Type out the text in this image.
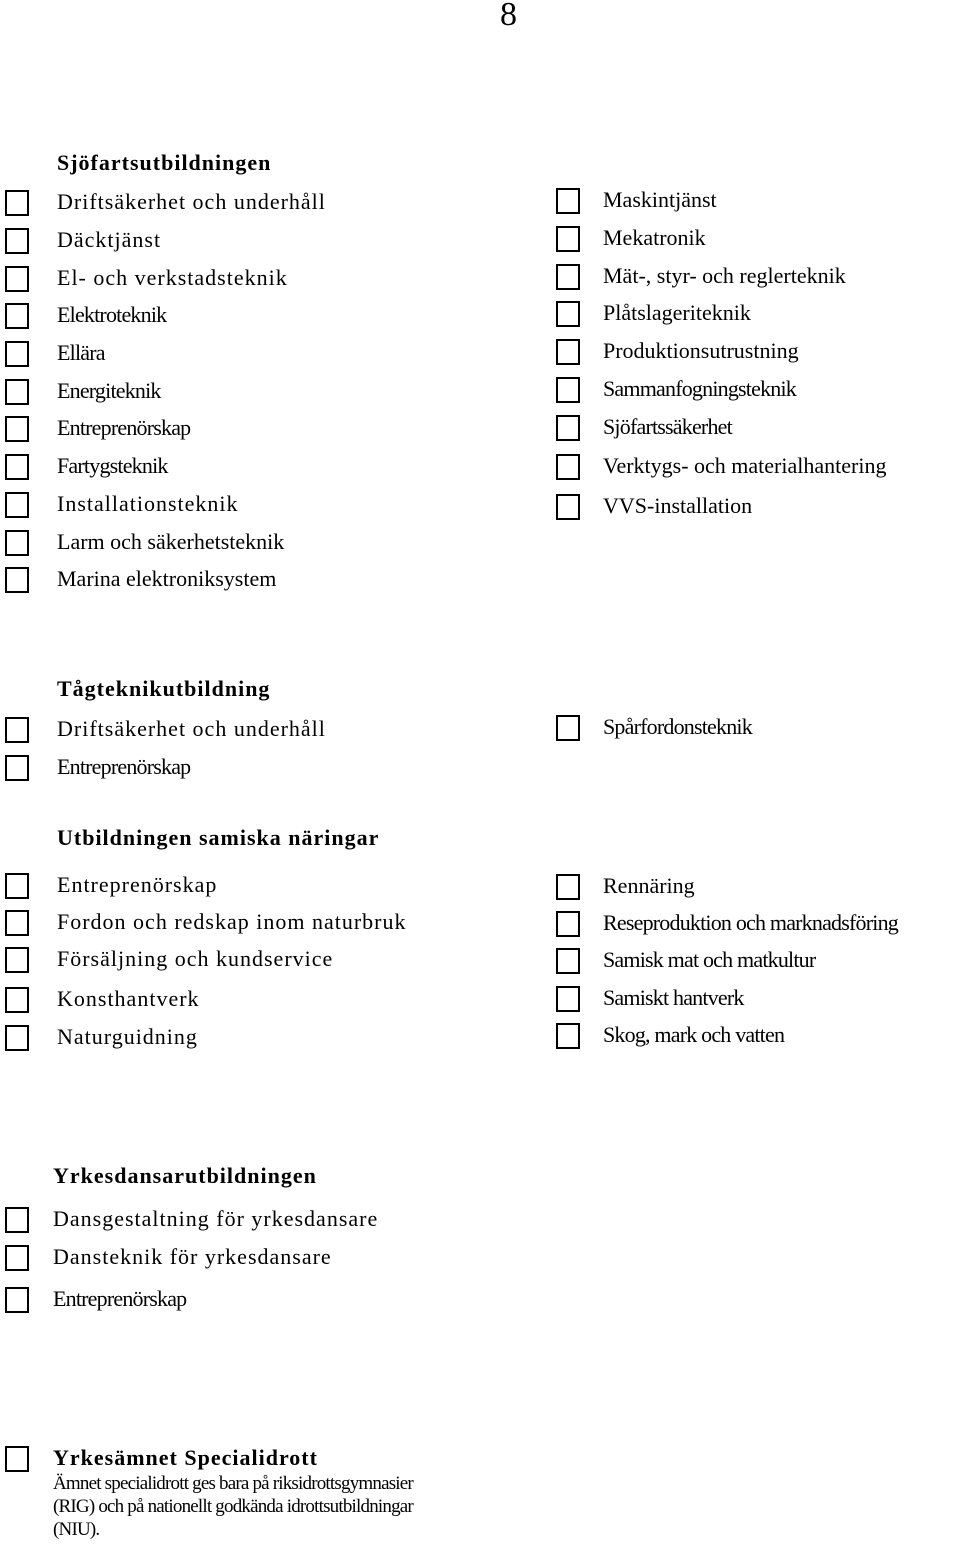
8
Sjöfartsutbildningen
Driftsäkerhet och underhåll
Däcktjänst
El- och verkstadsteknik
Elektroteknik
Ellära
Energiteknik
Entreprenörskap
Fartygsteknik
Installationsteknik
Larm och säkerhetsteknik
Marina elektroniksystem
Maskintjänst
Mekatronik
Mät-, styr- och reglerteknik
Plåtslageriteknik
Produktionsutrustning
Sammanfogningsteknik
Sjöfartssäkerhet
Verktygs- och materialhantering
VVS-installation
Tågteknikutbildning
Driftsäkerhet och underhåll
Entreprenörskap
Spårfordonsteknik
Utbildningen samiska näringar
Entreprenörskap
Fordon och redskap inom naturbruk
Försäljning och kundservice
Konsthantverk
Naturguidning
Rennäring
Reseproduktion och marknadsföring
Samisk mat och matkultur
Samiskt hantverk
Skog, mark och vatten
Yrkesdansarutbildningen
Dansgestaltning för yrkesdansare
Dansteknik för yrkesdansare
Entreprenörskap
Yrkesämnet Specialidrott
Ämnet specialidrott ges bara på riksidrottsgymnasier (RIG) och på nationellt godkända idrottsutbildningar (NIU).
